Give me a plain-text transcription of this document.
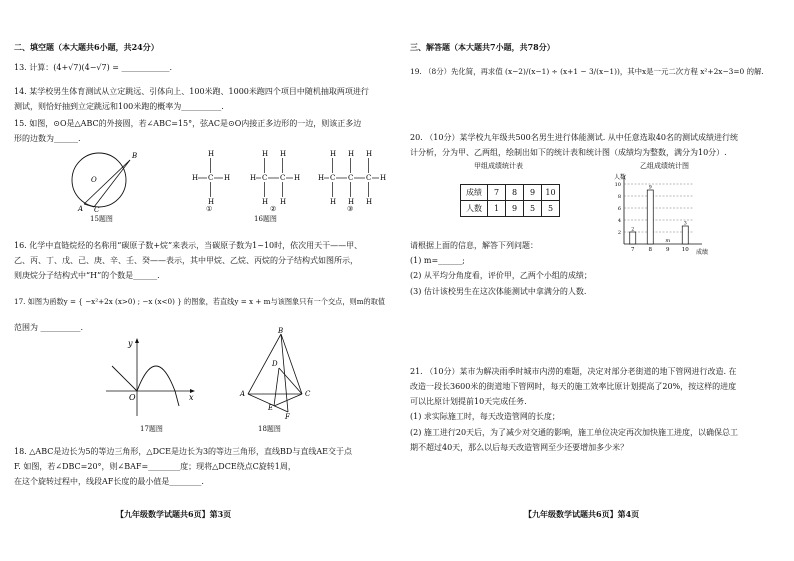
二、填空题（本大题共6小题，共24分）
13. 计算：(4+√7)(4−√7) = ____________.
14. 某学校男生体育测试从立定跳远、引体向上、100米跑、1000米跑四个项目中随机抽取两项进行
测试，则恰好抽到立定跳远和100米跑的概率为__________.
15. 如图，⊙O是△ABC的外接圆，若∠ABC=15°，弦AC是⊙O内接正多边形的一边，则该正多边
形的边数为______.
B
O
A C
15题图
H
C
H
H	H
①
H H
C C
H H
H	H
②
H H H
C C C
H H H
H	H
③
16题图
16. 化学中直链烷烃的名称用“碳原子数+烷”来表示，当碳原子数为1~10时，依次用天干——甲、
乙、丙、丁、戊、己、庚、辛、壬、癸——表示，其中甲烷、乙烷、丙烷的分子结构式如图所示，
则庚烷分子结构式中“H”的个数是______.
17. 如图为函数y = { −x²+2x (x>0) ; −x (x<0) } 的图象，若直线y = x + m与该图象只有一个交点，则m的取值
范围为 __________.
y
x
O
17题图
B
D
A	C
E
F
18题图
18. △ABC是边长为5的等边三角形，△DCE是边长为3的等边三角形，直线BD与直线AE交于点
F. 如图，若∠DBC=20°，则∠BAF=________度；现将△DCE绕点C旋转1周，
在这个旋转过程中，线段AF长度的最小值是________.
【九年级数学试题共6页】第3页
三、解答题（本大题共7小题，共78分）
19. （8分）先化简，再求值 (x−2)/(x−1) ÷ (x+1 − 3/(x−1))，其中x是一元二次方程 x²+2x−3=0 的解.
20. （10分）某学校九年级共500名男生进行体能测试. 从中任意选取40名的测试成绩进行统
计分析，分为甲、乙两组，绘制出如下的统计表和统计图（成绩均为整数，满分为10分）.
甲组成绩统计表
成绩	7	8	9	10
人数	1	9	5	5
乙组成绩统计图
2
4
6
8
10
7
2
8
9
9
m
10
3
人数
成绩
请根据上面的信息，解答下列问题：
(1) m=______;
(2) 从平均分角度看，评价甲，乙两个小组的成绩；
(3) 估计该校男生在这次体能测试中拿满分的人数.
21. （10分）某市为解决雨季时城市内涝的难题，决定对部分老街道的地下管网进行改造. 在
改造一段长3600米的街道地下管网时，每天的施工效率比原计划提高了20%，按这样的进度
可以比原计划提前10天完成任务.
(1) 求实际施工时，每天改造管网的长度；
(2) 施工进行20天后，为了减少对交通的影响，施工单位决定再次加快施工进度，以确保总工
期不超过40天，那么以后每天改造管网至少还要增加多少米？
【九年级数学试题共6页】第4页
